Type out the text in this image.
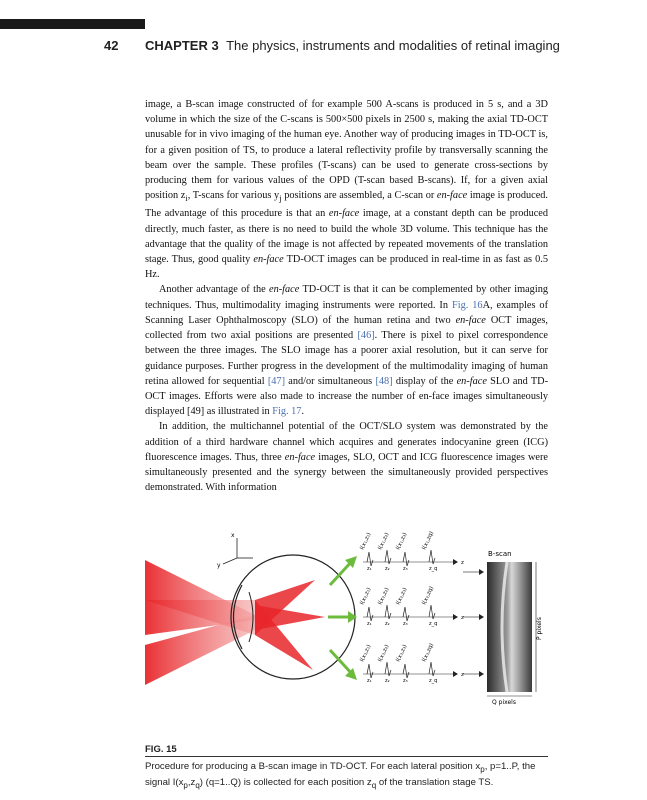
42 CHAPTER 3 The physics, instruments and modalities of retinal imaging

image, a B-scan image constructed of for example 500 A-scans is produced in 5 s, and a 3D volume in which the size of the C-scans is 500×500 pixels in 2500 s, making the axial TD-OCT unusable for in vivo imaging of the human eye. Another way of producing images in TD-OCT is, for a given position of TS, to produce a lateral reflectivity profile by transversally scanning the beam over the sample. These profiles (T-scans) can be used to generate cross-sections by producing them for various values of the OPD (T-scan based B-scans). If, for a given axial position $z_i$, T-scans for various $y_j$ positions are assembled, a C-scan or en-face image is produced. The advantage of this procedure is that an en-face image, at a constant depth can be produced directly, much faster, as there is no need to build the whole 3D volume. This technique has the advantage that the quality of the image is not affected by repeated movements of the translation stage. Thus, good quality en-face TD-OCT images can be produced in real-time in as fast as 0.5 Hz.

Another advantage of the en-face TD-OCT is that it can be complemented by other imaging techniques. Thus, multimodality imaging instruments were reported. In Fig. 16A, examples of Scanning Laser Ophthalmoscopy (SLO) of the human retina and two en-face OCT images, collected from two axial positions are presented [46]. There is pixel to pixel correspondence between the three images. The SLO image has a poorer axial resolution, but it can serve for guidance purposes. Further progress in the development of the multimodality imaging of human retina allowed for sequential [47] and/or simultaneous [48] display of the en-face SLO and TD-OCT images. Efforts were also made to increase the number of en-face images simultaneously displayed [49] as illustrated in Fig. 17.

In addition, the multichannel potential of the OCT/SLO system was demonstrated by the addition of a third hardware channel which acquires and generates indocyanine green (ICG) fluorescence images. Thus, three en-face images, SLO, OCT and ICG fluorescence images were simultaneously presented and the synergy between the simultaneously provided perspectives demonstrated. With information

x
y
I(x₁,z₁) I(x₁,z₂) I(x₁,z₃) I(x₁,zq)
z
z₁	z₂	z₃	z_q
I(x₂,z₁) I(x₂,z₂) I(x₂,z₃) I(x₂,zq)
z
z₁	z₂	z₃	z_q
I(x₃,z₁) I(x₃,z₂) I(x₃,z₃) I(x₃,zq)
z
z₁	z₂	z₃	z_q
B-scan
Q pixels
P pixels
FIG. 15
Procedure for producing a B-scan image in TD-OCT. For each lateral position $x_p$, p=1..P, the signal $I(x_p,z_q)$ (q=1..Q) is collected for each position $z_q$ of the translation stage TS.
